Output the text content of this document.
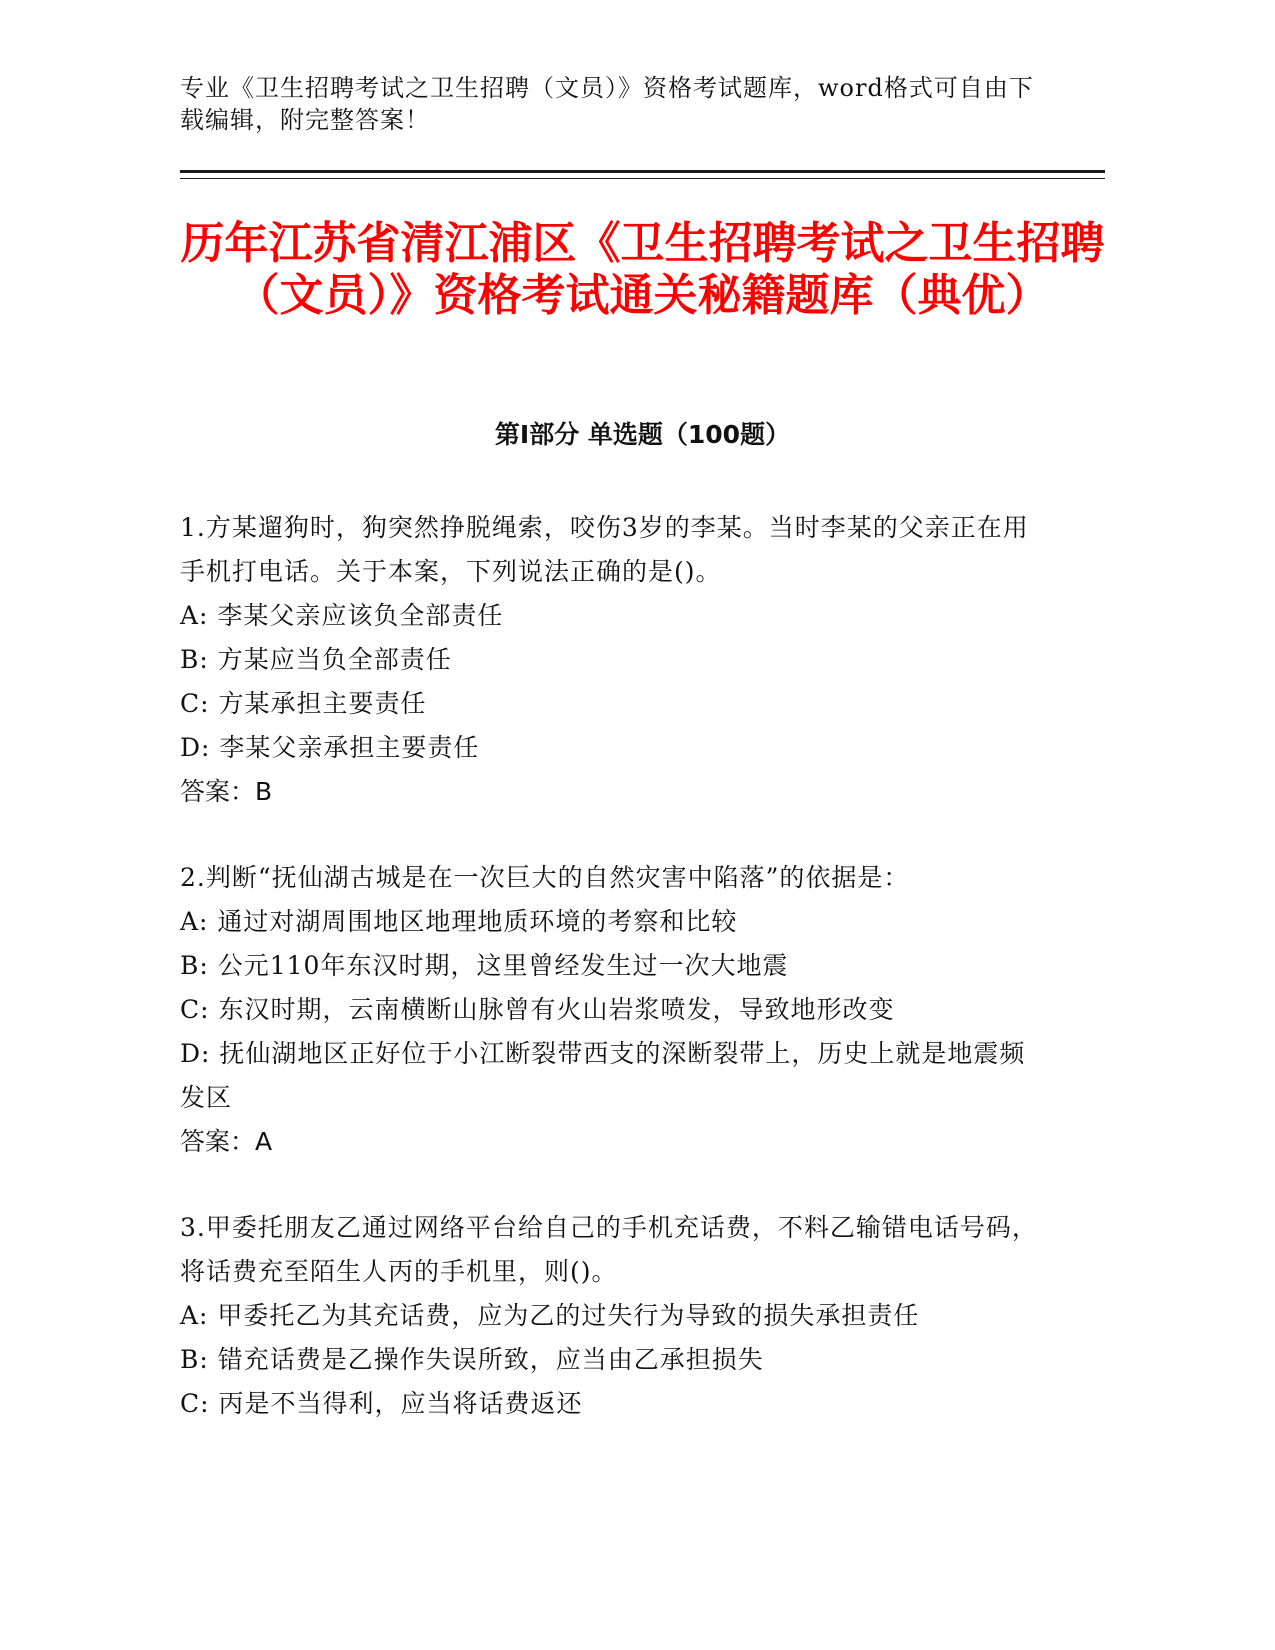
专业《卫生招聘考试之卫生招聘（文员）》资格考试题库，word格式可自由下载编辑，附完整答案！
历年江苏省清江浦区《卫生招聘考试之卫生招聘（文员）》资格考试通关秘籍题库（典优）
第I部分 单选题（100题）

1.方某遛狗时，狗突然挣脱绳索，咬伤3岁的李某。当时李某的父亲正在用手机打电话。关于本案，下列说法正确的是()。

A: 李某父亲应该负全部责任

B: 方某应当负全部责任

C: 方某承担主要责任

D: 李某父亲承担主要责任

答案：B

2.判断“抚仙湖古城是在一次巨大的自然灾害中陷落”的依据是：

A: 通过对湖周围地区地理地质环境的考察和比较

B: 公元110年东汉时期，这里曾经发生过一次大地震

C: 东汉时期，云南横断山脉曾有火山岩浆喷发，导致地形改变

D: 抚仙湖地区正好位于小江断裂带西支的深断裂带上，历史上就是地震频发区

答案：A

3.甲委托朋友乙通过网络平台给自己的手机充话费，不料乙输错电话号码，将话费充至陌生人丙的手机里，则()。

A: 甲委托乙为其充话费，应为乙的过失行为导致的损失承担责任

B: 错充话费是乙操作失误所致，应当由乙承担损失

C: 丙是不当得利，应当将话费返还
